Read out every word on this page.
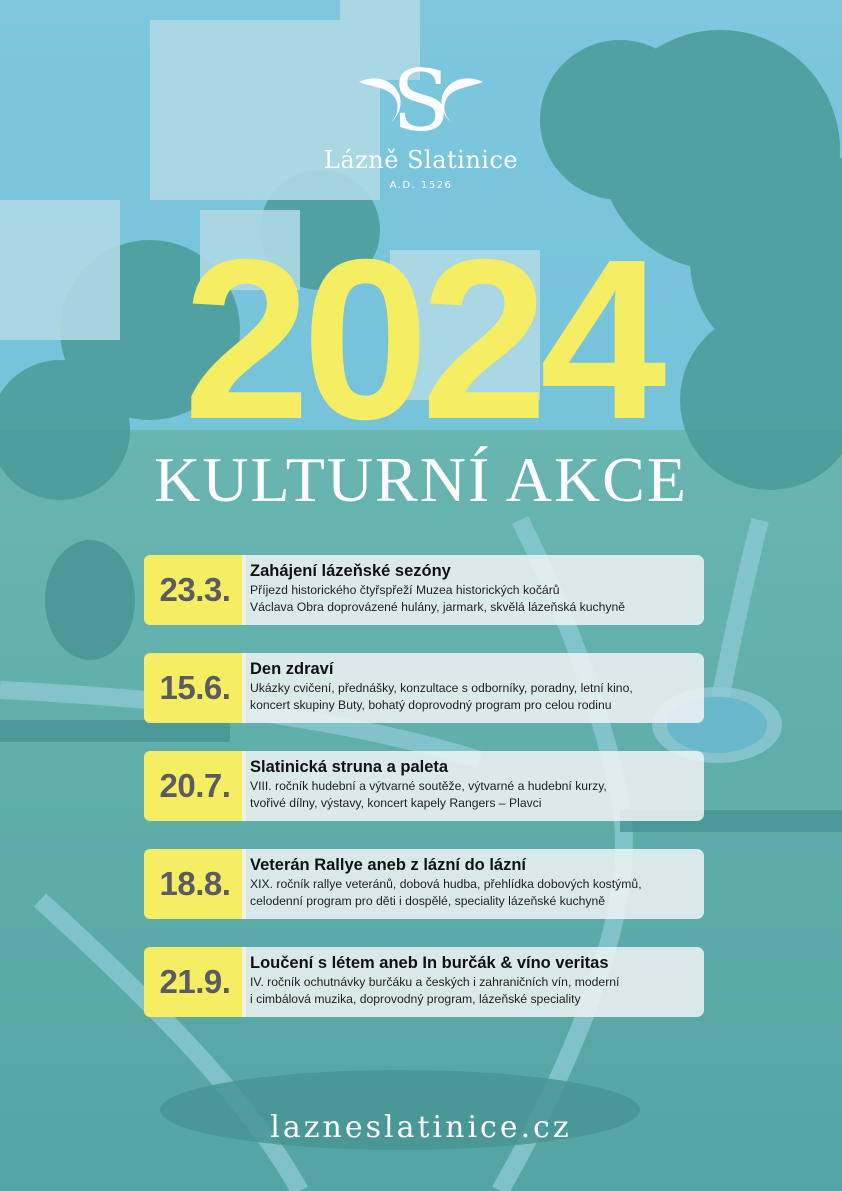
S
Lázně Slatinice
A.D. 1526
2024
KULTURNÍ AKCE
23.3.	Zahájení lázeňské sezóny
Příjezd historického čtyřspřeží Muzea historických kočárů
Václava Obra doprovázené hulány, jarmark, skvělá lázeňská kuchyně
15.6.	Den zdraví
Ukázky cvičení, přednášky, konzultace s odborníky, poradny, letní kino,
koncert skupiny Buty, bohatý doprovodný program pro celou rodinu
20.7.	Slatinická struna a paleta
VIII. ročník hudební a výtvarné soutěže, výtvarné a hudební kurzy,
tvořivé dílny, výstavy, koncert kapely Rangers – Plavci
18.8.	Veterán Rallye aneb z lázní do lázní
XIX. ročník rallye veteránů, dobová hudba, přehlídka dobových kostýmů,
celodenní program pro děti i dospělé, speciality lázeňské kuchyně
21.9.	Loučení s létem aneb In burčák & víno veritas
IV. ročník ochutnávky burčáku a českých i zahraničních vín, moderní
i cimbálová muzika, doprovodný program, lázeňské speciality
lazneslatinice.cz
